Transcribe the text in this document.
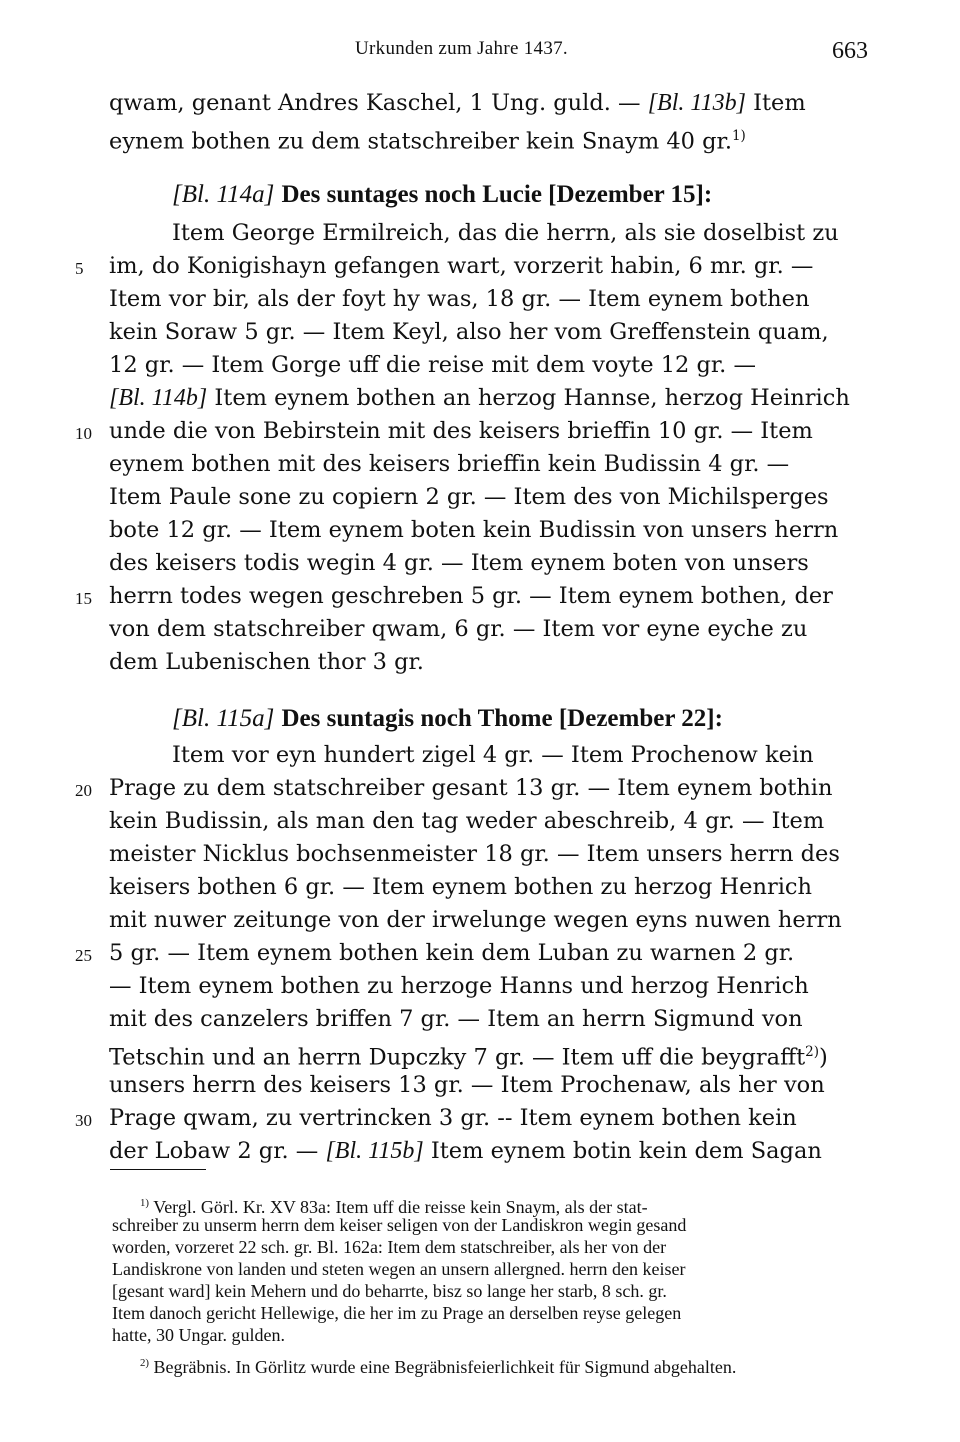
Urkunden zum Jahre 1437.	663
qwam, genant Andres Kaschel, 1 Ung. guld. — [Bl. 113b] Item
eynem bothen zu dem statschreiber kein Snaym 40 gr.$^{1)}$
[Bl. 114a] Des suntages noch Lucie [Dezember 15]:
Item George Ermilreich, das die herrn, als sie doselbist zu
im, do Konigishayn gefangen wart, vorzerit habin, 6 mr. gr. —
Item vor bir, als der foyt hy was, 18 gr. — Item eynem bothen
kein Soraw 5 gr. — Item Keyl, also her vom Greffenstein quam,
12 gr. — Item Gorge uff die reise mit dem voyte 12 gr. —
[Bl. 114b] Item eynem bothen an herzog Hannse, herzog Heinrich
unde die von Bebirstein mit des keisers brieffin 10 gr. — Item
eynem bothen mit des keisers brieffin kein Budissin 4 gr. —
Item Paule sone zu copiern 2 gr. — Item des von Michilsperges
bote 12 gr. — Item eynem boten kein Budissin von unsers herrn
des keisers todis wegin 4 gr. — Item eynem boten von unsers
herrn todes wegen geschreben 5 gr. — Item eynem bothen, der
von dem statschreiber qwam, 6 gr. — Item vor eyne eyche zu
dem Lubenischen thor 3 gr.
[Bl. 115a] Des suntagis noch Thome [Dezember 22]:
Item vor eyn hundert zigel 4 gr. — Item Prochenow kein
Prage zu dem statschreiber gesant 13 gr. — Item eynem bothin
kein Budissin, als man den tag weder abeschreib, 4 gr. — Item
meister Nicklus bochsenmeister 18 gr. — Item unsers herrn des
keisers bothen 6 gr. — Item eynem bothen zu herzog Henrich
mit nuwer zeitunge von der irwelunge wegen eyns nuwen herrn
5 gr. — Item eynem bothen kein dem Luban zu warnen 2 gr.
— Item eynem bothen zu herzoge Hanns und herzog Henrich
mit des canzelers briffen 7 gr. — Item an herrn Sigmund von
Tetschin und an herrn Dupczky 7 gr. — Item uff die beygrafft$^{2)}$)
unsers herrn des keisers 13 gr. — Item Prochenaw, als her von
Prage qwam, zu vertrincken 3 gr. -- Item eynem bothen kein
der Lobaw 2 gr. — [Bl. 115b] Item eynem botin kein dem Sagan
5
10
15
20
25
30
$^{1)}$ Vergl. Görl. Kr. XV 83a: Item uff die reisse kein Snaym, als der stat-
schreiber zu unserm herrn dem keiser seligen von der Landiskron wegin gesand
worden, vorzeret 22 sch. gr. Bl. 162a: Item dem statschreiber, als her von der
Landiskrone von landen und steten wegen an unsern allergned. herrn den keiser
[gesant ward] kein Mehern und do beharrte, bisz so lange her starb, 8 sch. gr.
Item danoch gericht Hellewige, die her im zu Prage an derselben reyse gelegen
hatte, 30 Ungar. gulden.
$^{2)}$ Begräbnis. In Görlitz wurde eine Begräbnisfeierlichkeit für Sigmund abgehalten.
